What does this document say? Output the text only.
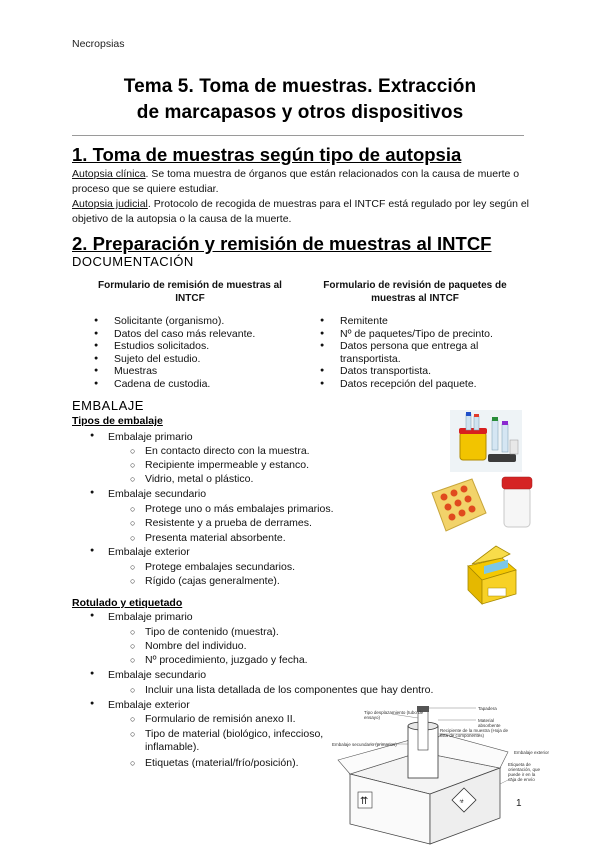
Necropsias
Tema 5. Toma de muestras. Extracción
de marcapasos y otros dispositivos
1. Toma de muestras según tipo de autopsia
Autopsia clínica. Se toma muestra de órganos que están relacionados con la causa de muerte o proceso que se quiere estudiar.
Autopsia judicial. Protocolo de recogida de muestras para el INTCF está regulado por ley según el objetivo de la autopsia o la causa de la muerte.
2. Preparación y remisión de muestras al INTCF
DOCUMENTACIÓN
Formulario de remisión de muestras al INTCF
Formulario de revisión de paquetes de muestras al INTCF
● Solicitante (organismo).
● Datos del caso más relevante.
● Estudios solicitados.
● Sujeto del estudio.
● Muestras
● Cadena de custodia.
● Remitente
● Nº de paquetes/Tipo de precinto.
● Datos persona que entrega al transportista.
● Datos transportista.
● Datos recepción del paquete.
EMBALAJE
Tipos de embalaje
● Embalaje primario
○ En contacto directo con la muestra.
○ Recipiente impermeable y estanco.
○ Vidrio, metal o plástico.
● Embalaje secundario
○ Protege uno o más embalajes primarios.
○ Resistente y a prueba de derrames.
○ Presenta material absorbente.
● Embalaje exterior
○ Protege embalajes secundarios.
○ Rígido (cajas generalmente).
Rotulado y etiquetado
● Embalaje primario
○ Tipo de contenido (muestra).
○ Nombre del individuo.
○ Nº procedimiento, juzgado y fecha.
● Embalaje secundario
○ Incluir una lista detallada de los componentes que hay dentro.
● Embalaje exterior
○ Formulario de remisión anexo II.
○ Tipo de material (biológico, infeccioso, inflamable).
○ Etiquetas (material/frío/posición).
⇈	☣
Tapadera
Material absorbente
Tipo desplazamiento (tubo de ensayo)
Embalaje secundario (primarios)
Recipiente de la muestra (Hoja de lista de componentes)
Embalaje exterior
Etiqueta de orientación, que puede ir en la caja de envío
1
